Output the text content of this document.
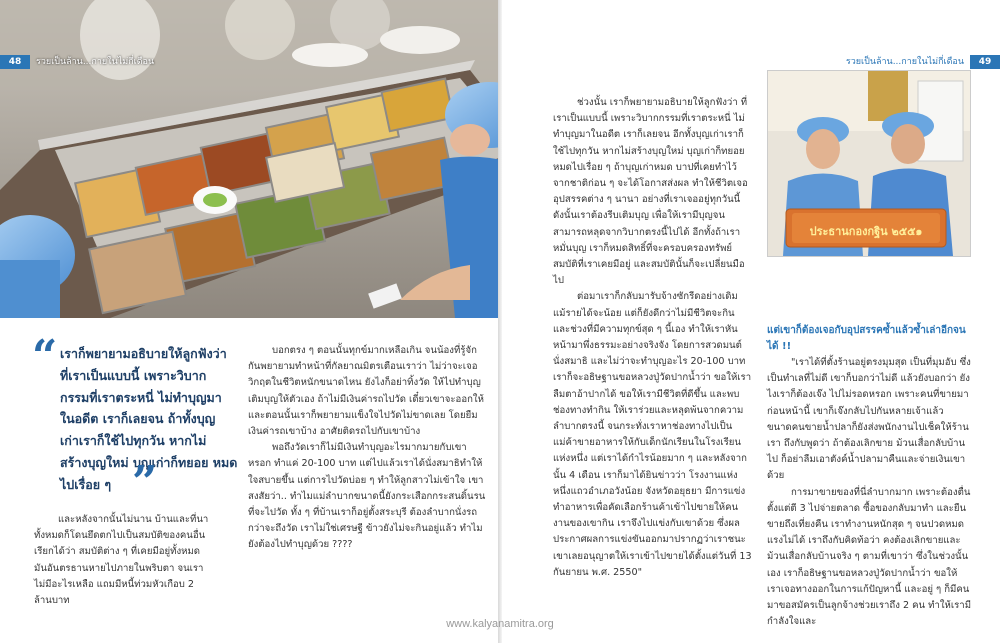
48	รวยเป็นล้าน...กายในไม่กี่เดือน
“ เราก็พยายามอธิบายให้ลูกฟังว่า ที่เราเป็นแบบนี้ เพราะวิบาก กรรมที่เราตระหนี่ ไม่ทำบุญมา ในอดีต เราก็เลยจน ถ้าทั้งบุญ เก่าเราก็ใช้ไปทุกวัน หากไม่ สร้างบุญใหม่ บุญเก่าก็ทยอย หมดไปเรื่อย ๆ ”
และหลังจากนั้นไม่นาน บ้านและที่นาทั้งหมดก็โดนยึดตกไปเป็นสมบัติของคนอื่น เรียกได้ว่า สมบัติต่าง ๆ ที่เคยมีอยู่ทั้งหมด มันอันตรธานหายไปภายในพริบตา จนเราไม่มีอะไรเหลือ แถมมีหนี้ท่วมหัวเกือบ 2 ล้านบาท

บอกตรง ๆ ตอนนั้นทุกข์มากเหลือเกิน จนน้องที่รู้จักกันพยายามทำหน้าที่กัลยาณมิตรเตือนเราว่า ไม่ว่าจะเจอวิกฤตในชีวิตหนักขนาดไหน ยังไงก็อย่าทิ้งวัด ให้ไปทำบุญ เติมบุญให้ตัวเอง ถ้าไม่มีเงินค่ารถไปวัด เดี๋ยวเขาจะออกให้ และตอนนั้นเราก็พยายามแข็งใจไปวัดไม่ขาดเลย โดยยืมเงินค่ารถเขาบ้าง อาศัยติดรถไปกับเขาบ้าง

พอถึงวัดเราก็ไม่มีเงินทำบุญอะไรมากมายกับเขาหรอก ทำแค่ 20-100 บาท แต่ไปแล้วเราได้นั่งสมาธิทำให้ใจสบายขึ้น แต่การไปวัดบ่อย ๆ ทำให้ลูกสาวไม่เข้าใจ เขาสงสัยว่า.. ทำไมแม่ลำบากขนาดนี้ยังกระเสือกกระสนดิ้นรนที่จะไปวัด ทั้ง ๆ ที่บ้านเราก็อยู่ตั้งสระบุรี ต้องลำบากนั่งรถกว่าจะถึงวัด เราไม่ใช่เศรษฐี ข้าวยังไม่จะกินอยู่แล้ว ทำไมยังต้องไปทำบุญด้วย ????

รวยเป็นล้าน...กายในไม่กี่เดือน	49

ช่วงนั้น เราก็พยายามอธิบายให้ลูกฟังว่า ที่เราเป็นแบบนี้ เพราะวิบากกรรมที่เราตระหนี่ ไม่ทำบุญมาในอดีต เราก็เลยจน อีกทั้งบุญเก่าเราก็ใช้ไปทุกวัน หากไม่สร้างบุญใหม่ บุญเก่าก็ทยอยหมดไปเรื่อย ๆ ถ้าบุญเก่าหมด บาปที่เคยทำไว้จากชาติก่อน ๆ จะได้โอกาสส่งผล ทำให้ชีวิตเจออุปสรรคต่าง ๆ นานา อย่างที่เราเจออยู่ทุกวันนี้ ดังนั้นเราต้องรีบเติมบุญ เพื่อให้เรามีบุญจนสามารถหลุดจากวิบากตรงนี้ไปได้ อีกทั้งถ้าเราหมั่นบุญ เราก็หมดสิทธิ์ที่จะครอบครองทรัพย์สมบัติที่เราเคยมีอยู่ และสมบัตินั้นก็จะเปลี่ยนมือไป

ต่อมาเราก็กลับมารับจ้างซักรีดอย่างเดิม แม้รายได้จะน้อย แต่ก็ยังดีกว่าไม่มีชีวิตจะกิน และช่วงที่มีความทุกข์สุด ๆ นี้เอง ทำให้เราหันหน้ามาพึ่งธรรมะอย่างจริงจัง โดยการสวดมนต์ นั่งสมาธิ และไม่ว่าจะทำบุญอะไร 20-100 บาท เราก็จะอธิษฐานขอหลวงปู่วัดปากน้ำว่า ขอให้เราลืมตาอ้าปากได้ ขอให้เรามีชีวิตที่ดีขึ้น และพบช่องทางทำกิน ให้เราร่วยและหลุดพ้นจากความลำบากตรงนี้ จนกระทั่งเราหาช่องทางไปเป็นแม่ค้าขายอาหารให้กับเด็กนักเรียนในโรงเรียนแห่งหนึ่ง แต่เราได้กำไรน้อยมาก ๆ และหลังจากนั้น 4 เดือน เราก็มาได้ยินข่าวว่า โรงงานแห่งหนึ่งแถวอำเภอวังน้อย จังหวัดอยุธยา มีการแข่งทำอาหารเพื่อคัดเลือกร้านค้าเข้าไปขายให้คนงานของเขากิน เราจึงไปแข่งกับเขาด้วย ซึ่งผลประกาศผลการแข่งขันออกมาปรากฏว่าเราชนะ เขาเลยอนุญาตให้เราเข้าไปขายได้ตั้งแต่วันที่ 13 กันยายน พ.ศ. 2550"

ประธานกองกฐิน ๒๕๕๑

แต่เขาก็ต้องเจอกับอุปสรรคซ้ำแล้วซ้ำเล่าอีกจนได้ !!

"เราได้ที่ตั้งร้านอยู่ตรงมุมสุด เป็นที่มุมอับ ซึ่งเป็นทำเลที่ไม่ดี เขาก็บอกว่าไม่ดี แล้วยังบอกว่า ยังไงเราก็ต้องเจ๊ง ไปไม่รอดหรอก เพราะคนที่ขายมาก่อนหน้านี้ เขาก็เจ๊งกลับไปกันหลายเจ้าแล้ว ขนาดคนขายน้ำปลาก็ยังส่งพนักงานไปเช็คให้ร้านเรา ถึงกับพูดว่า ถ้าต้องเลิกขาย ม้วนเสื่อกลับบ้านไป ก็อย่าลืมเอาตังค์น้ำปลามาคืนและจ่ายเงินเขาด้วย

การมาขายของที่นี่ลำบากมาก เพราะต้องตื่นตั้งแต่ตี 3 ไปจ่ายตลาด ซื้อของกลับมาทำ และยืนขายถึงเที่ยงคืน เราทำงานหนักสุด ๆ จนปวดหมดแรงไม่ได้ เราถึงกับคิดท้อว่า คงต้องเลิกขายและม้วนเสื่อกลับบ้านจริง ๆ ตามที่เขาว่า ซึ่งในช่วงนั้นเอง เราก็อธิษฐานขอหลวงปู่วัดปากน้ำว่า ขอให้เราเจอทางออกในการแก้ปัญหานี้ และอยู่ ๆ ก็มีคนมาขอสมัครเป็นลูกจ้างช่วยเราถึง 2 คน ทำให้เรามีกำลังใจและ

www.kalyanamitra.org
